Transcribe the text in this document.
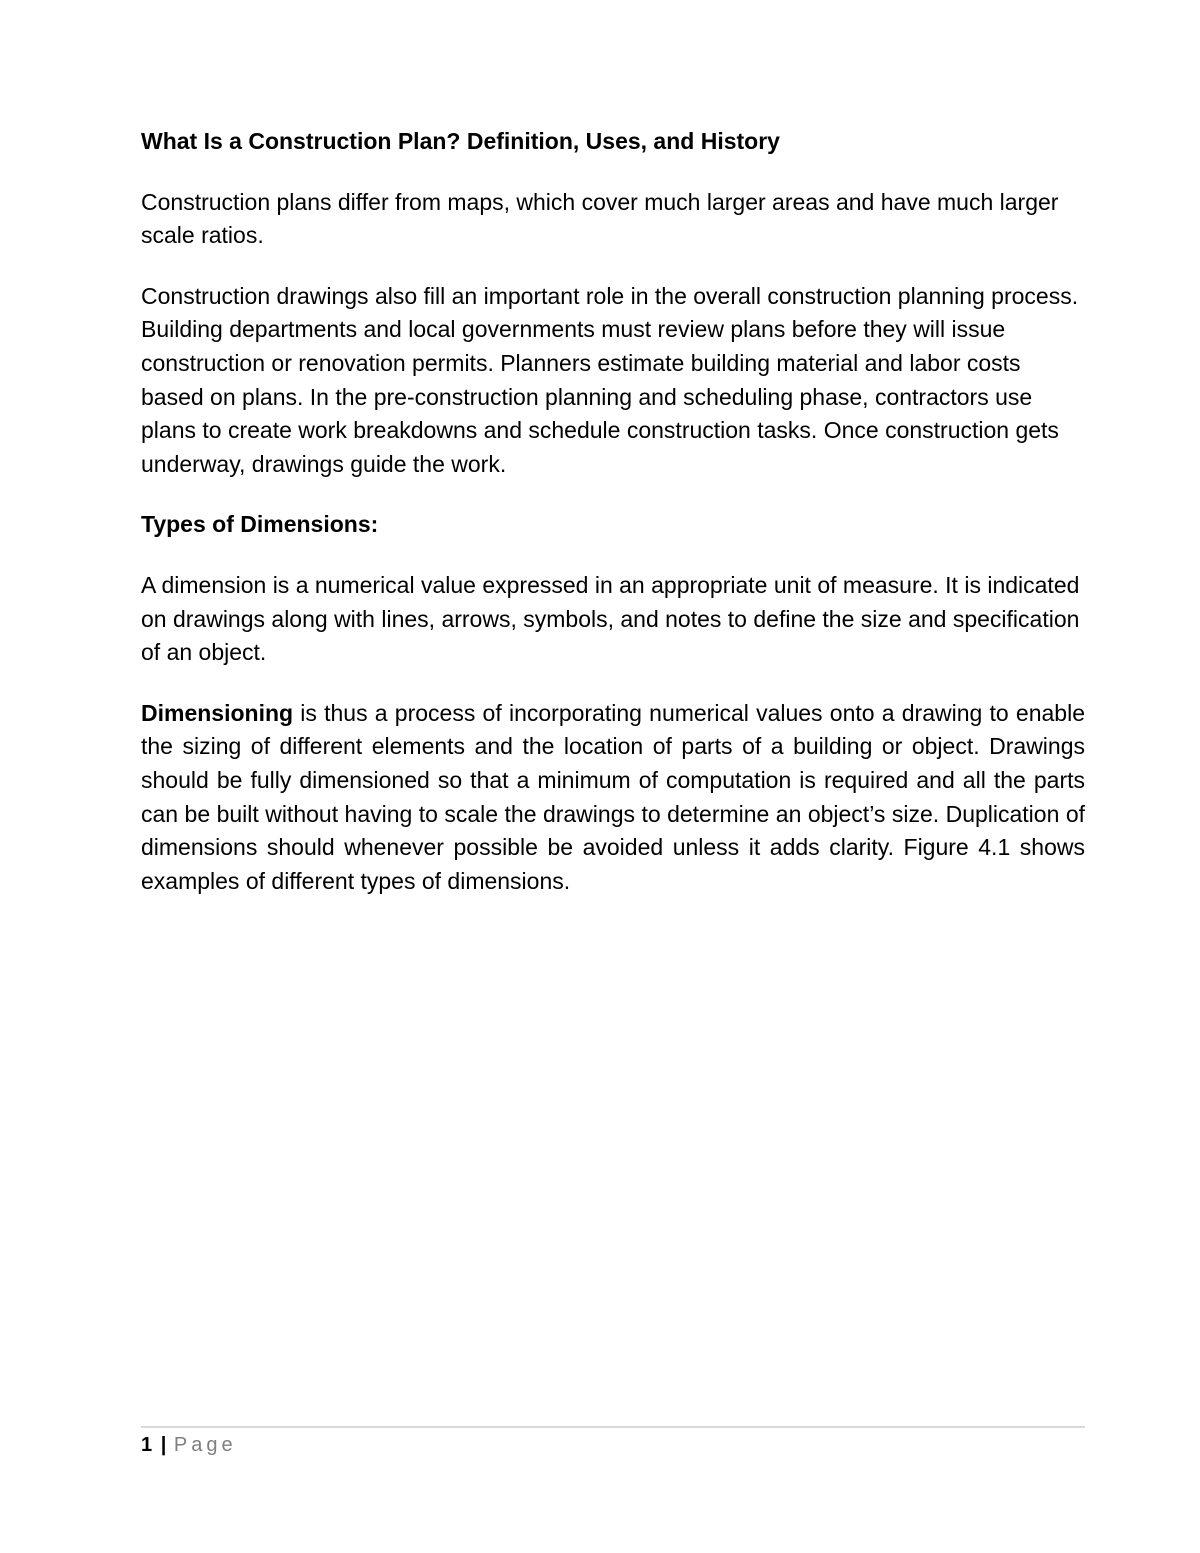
What Is a Construction Plan? Definition, Uses, and History

Construction plans differ from maps, which cover much larger areas and have much larger scale ratios.

Construction drawings also fill an important role in the overall construction planning process. Building departments and local governments must review plans before they will issue construction or renovation permits. Planners estimate building material and labor costs based on plans. In the pre-construction planning and scheduling phase, contractors use plans to create work breakdowns and schedule construction tasks. Once construction gets underway, drawings guide the work.

Types of Dimensions:

A dimension is a numerical value expressed in an appropriate unit of measure. It is indicated on drawings along with lines, arrows, symbols, and notes to define the size and specification of an object.

Dimensioning is thus a process of incorporating numerical values onto a drawing to enable the sizing of different elements and the location of parts of a building or object. Drawings should be fully dimensioned so that a minimum of computation is required and all the parts can be built without having to scale the drawings to determine an object’s size. Duplication of dimensions should whenever possible be avoided unless it adds clarity. Figure 4.1 shows examples of different types of dimensions.

1 | Page
